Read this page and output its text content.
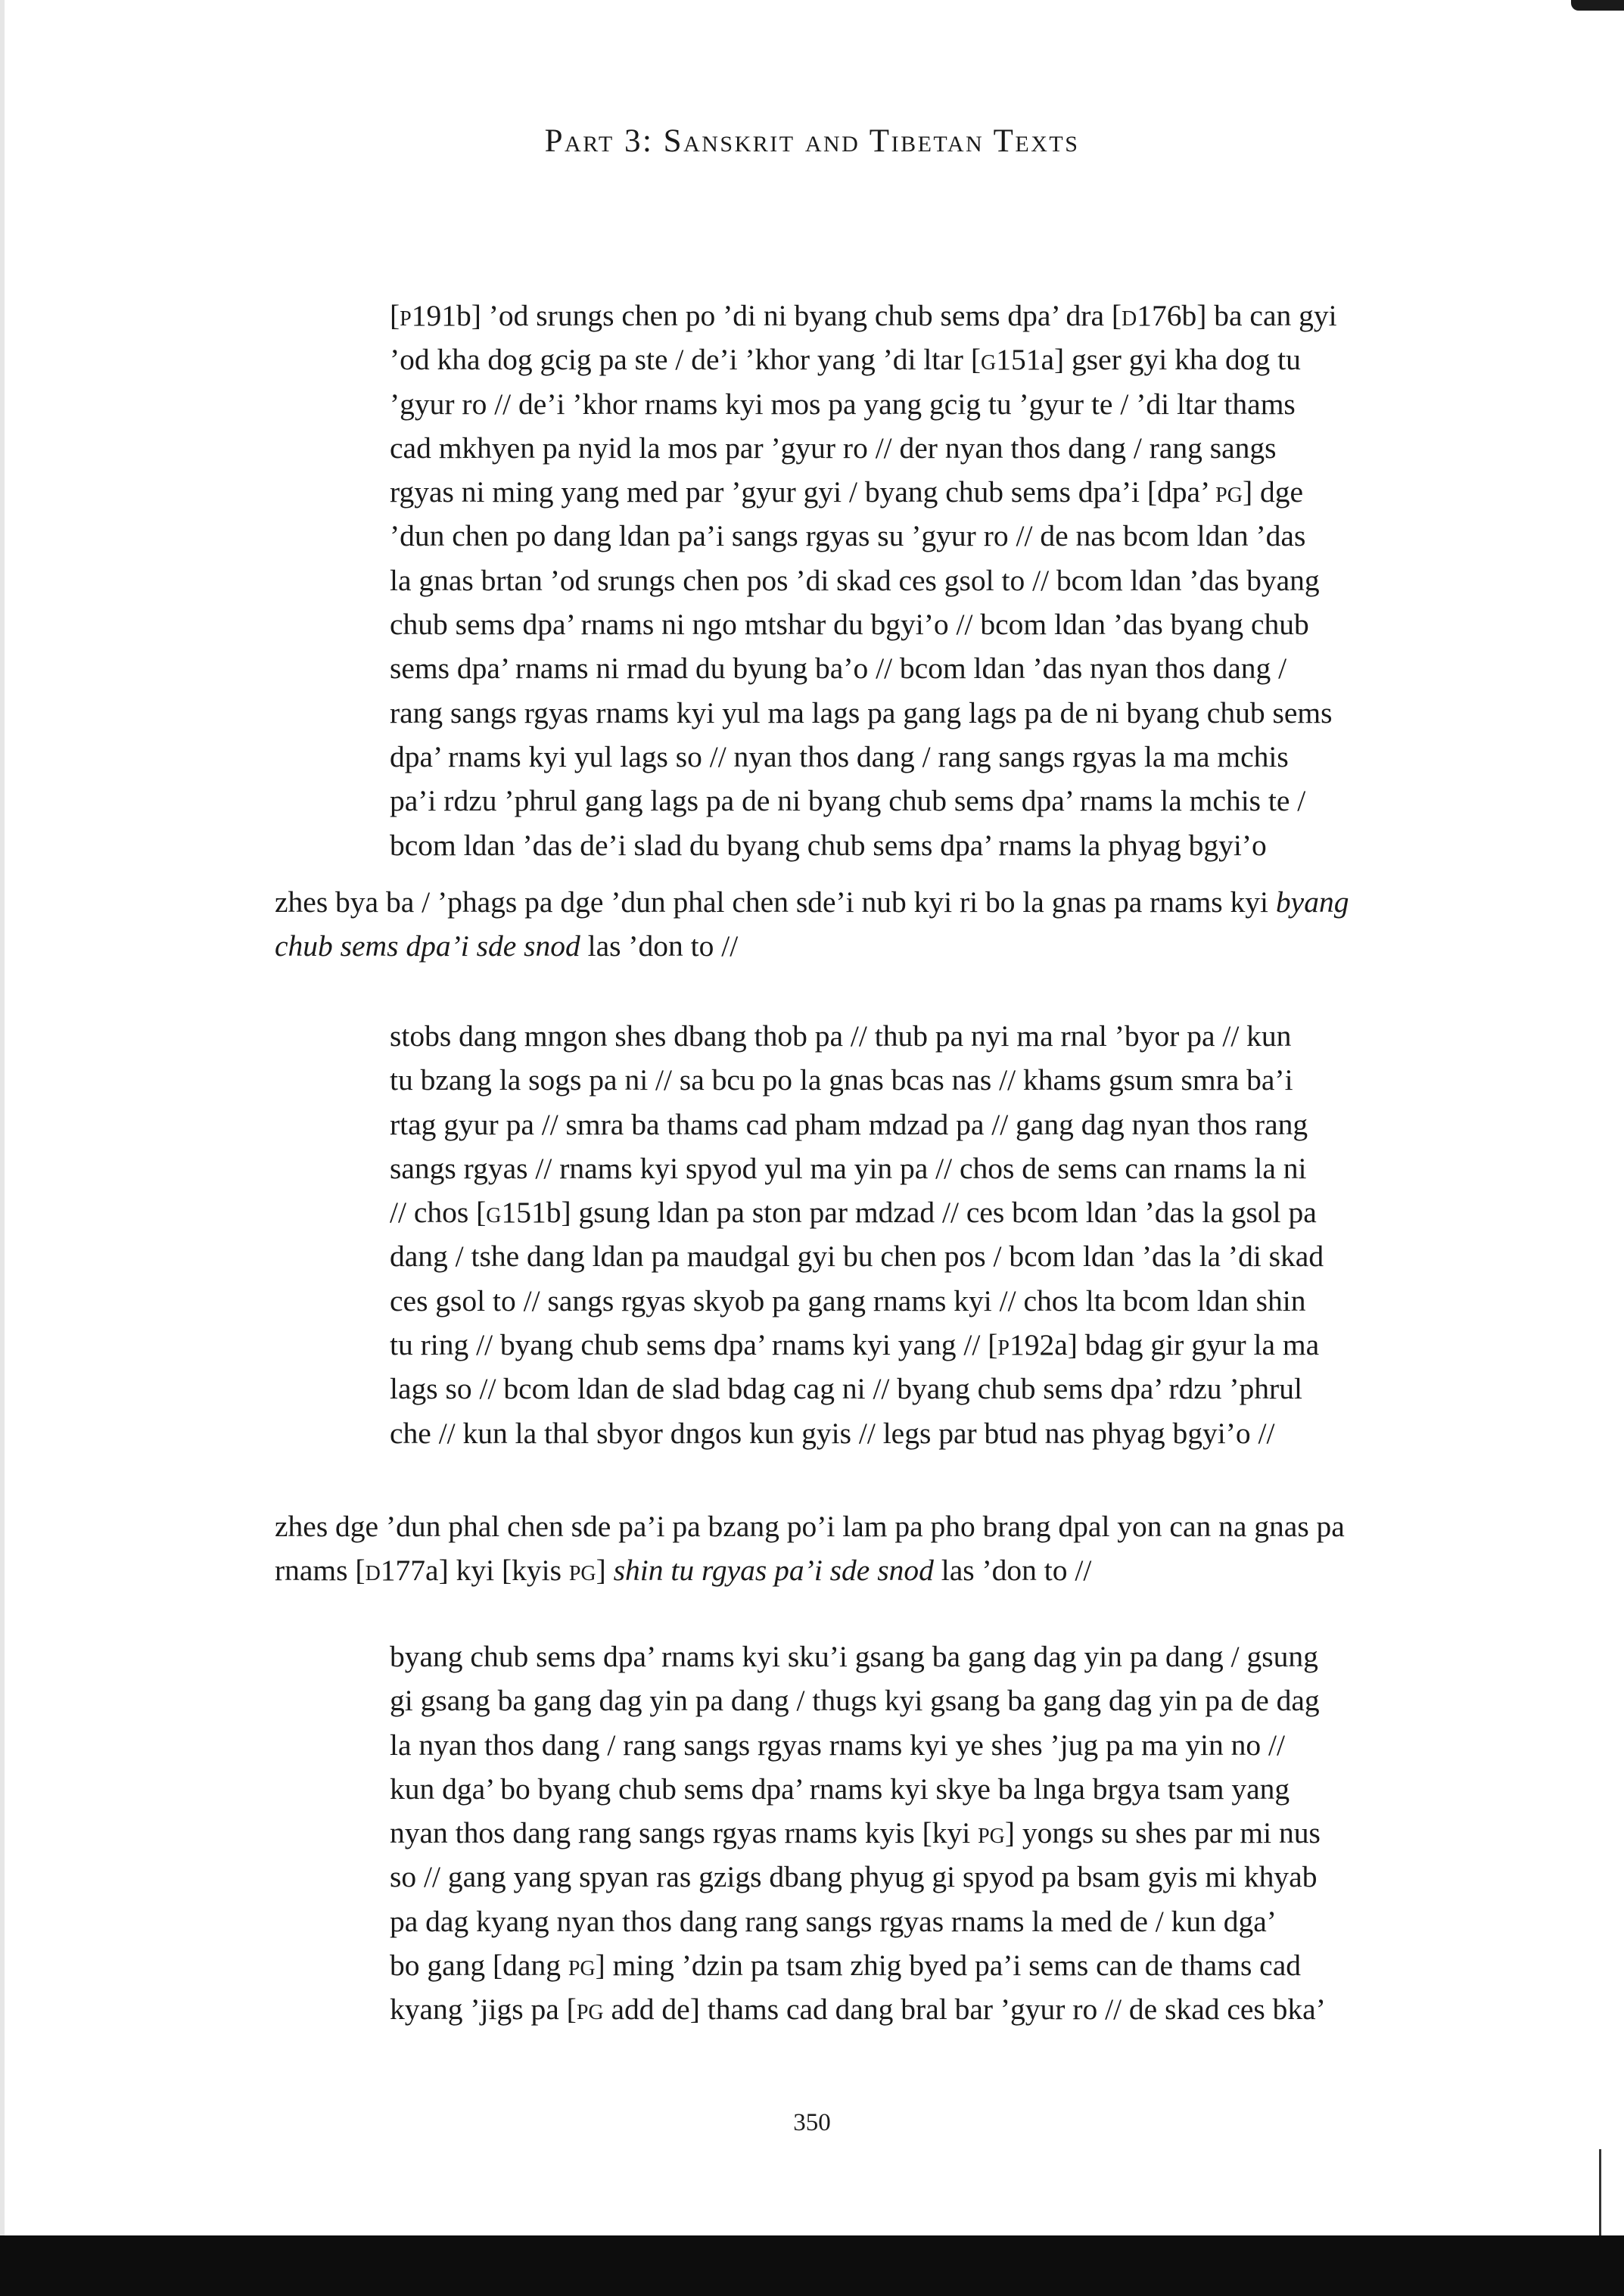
Part 3: Sanskrit and Tibetan Texts
[p191b] ’od srungs chen po ’di ni byang chub sems dpa’ dra [d176b] ba can gyi
’od kha dog gcig pa ste / de’i ’khor yang ’di ltar [g151a] gser gyi kha dog tu
’gyur ro // de’i ’khor rnams kyi mos pa yang gcig tu ’gyur te / ’di ltar thams
cad mkhyen pa nyid la mos par ’gyur ro // der nyan thos dang / rang sangs
rgyas ni ming yang med par ’gyur gyi / byang chub sems dpa’i [dpa’ pg] dge
’dun chen po dang ldan pa’i sangs rgyas su ’gyur ro // de nas bcom ldan ’das
la gnas brtan ’od srungs chen pos ’di skad ces gsol to // bcom ldan ’das byang
chub sems dpa’ rnams ni ngo mtshar du bgyi’o // bcom ldan ’das byang chub
sems dpa’ rnams ni rmad du byung ba’o // bcom ldan ’das nyan thos dang /
rang sangs rgyas rnams kyi yul ma lags pa gang lags pa de ni byang chub sems
dpa’ rnams kyi yul lags so // nyan thos dang / rang sangs rgyas la ma mchis
pa’i rdzu ’phrul gang lags pa de ni byang chub sems dpa’ rnams la mchis te /
bcom ldan ’das de’i slad du byang chub sems dpa’ rnams la phyag bgyi’o
zhes bya ba / ’phags pa dge ’dun phal chen sde’i nub kyi ri bo la gnas pa rnams kyi byang
chub sems dpa’i sde snod las ’don to //
stobs dang mngon shes dbang thob pa // thub pa nyi ma rnal ’byor pa // kun
tu bzang la sogs pa ni // sa bcu po la gnas bcas nas // khams gsum smra ba’i
rtag gyur pa // smra ba thams cad pham mdzad pa // gang dag nyan thos rang
sangs rgyas // rnams kyi spyod yul ma yin pa // chos de sems can rnams la ni
// chos [g151b] gsung ldan pa ston par mdzad // ces bcom ldan ’das la gsol pa
dang / tshe dang ldan pa maudgal gyi bu chen pos / bcom ldan ’das la ’di skad
ces gsol to // sangs rgyas skyob pa gang rnams kyi // chos lta bcom ldan shin
tu ring // byang chub sems dpa’ rnams kyi yang // [p192a] bdag gir gyur la ma
lags so // bcom ldan de slad bdag cag ni // byang chub sems dpa’ rdzu ’phrul
che // kun la thal sbyor dngos kun gyis // legs par btud nas phyag bgyi’o //
zhes dge ’dun phal chen sde pa’i pa bzang po’i lam pa pho brang dpal yon can na gnas pa
rnams [d177a] kyi [kyis pg] shin tu rgyas pa’i sde snod las ’don to //
byang chub sems dpa’ rnams kyi sku’i gsang ba gang dag yin pa dang / gsung
gi gsang ba gang dag yin pa dang / thugs kyi gsang ba gang dag yin pa de dag
la nyan thos dang / rang sangs rgyas rnams kyi ye shes ’jug pa ma yin no //
kun dga’ bo byang chub sems dpa’ rnams kyi skye ba lnga brgya tsam yang
nyan thos dang rang sangs rgyas rnams kyis [kyi pg] yongs su shes par mi nus
so // gang yang spyan ras gzigs dbang phyug gi spyod pa bsam gyis mi khyab
pa dag kyang nyan thos dang rang sangs rgyas rnams la med de / kun dga’
bo gang [dang pg] ming ’dzin pa tsam zhig byed pa’i sems can de thams cad
kyang ’jigs pa [pg add de] thams cad dang bral bar ’gyur ro // de skad ces bka’
350
